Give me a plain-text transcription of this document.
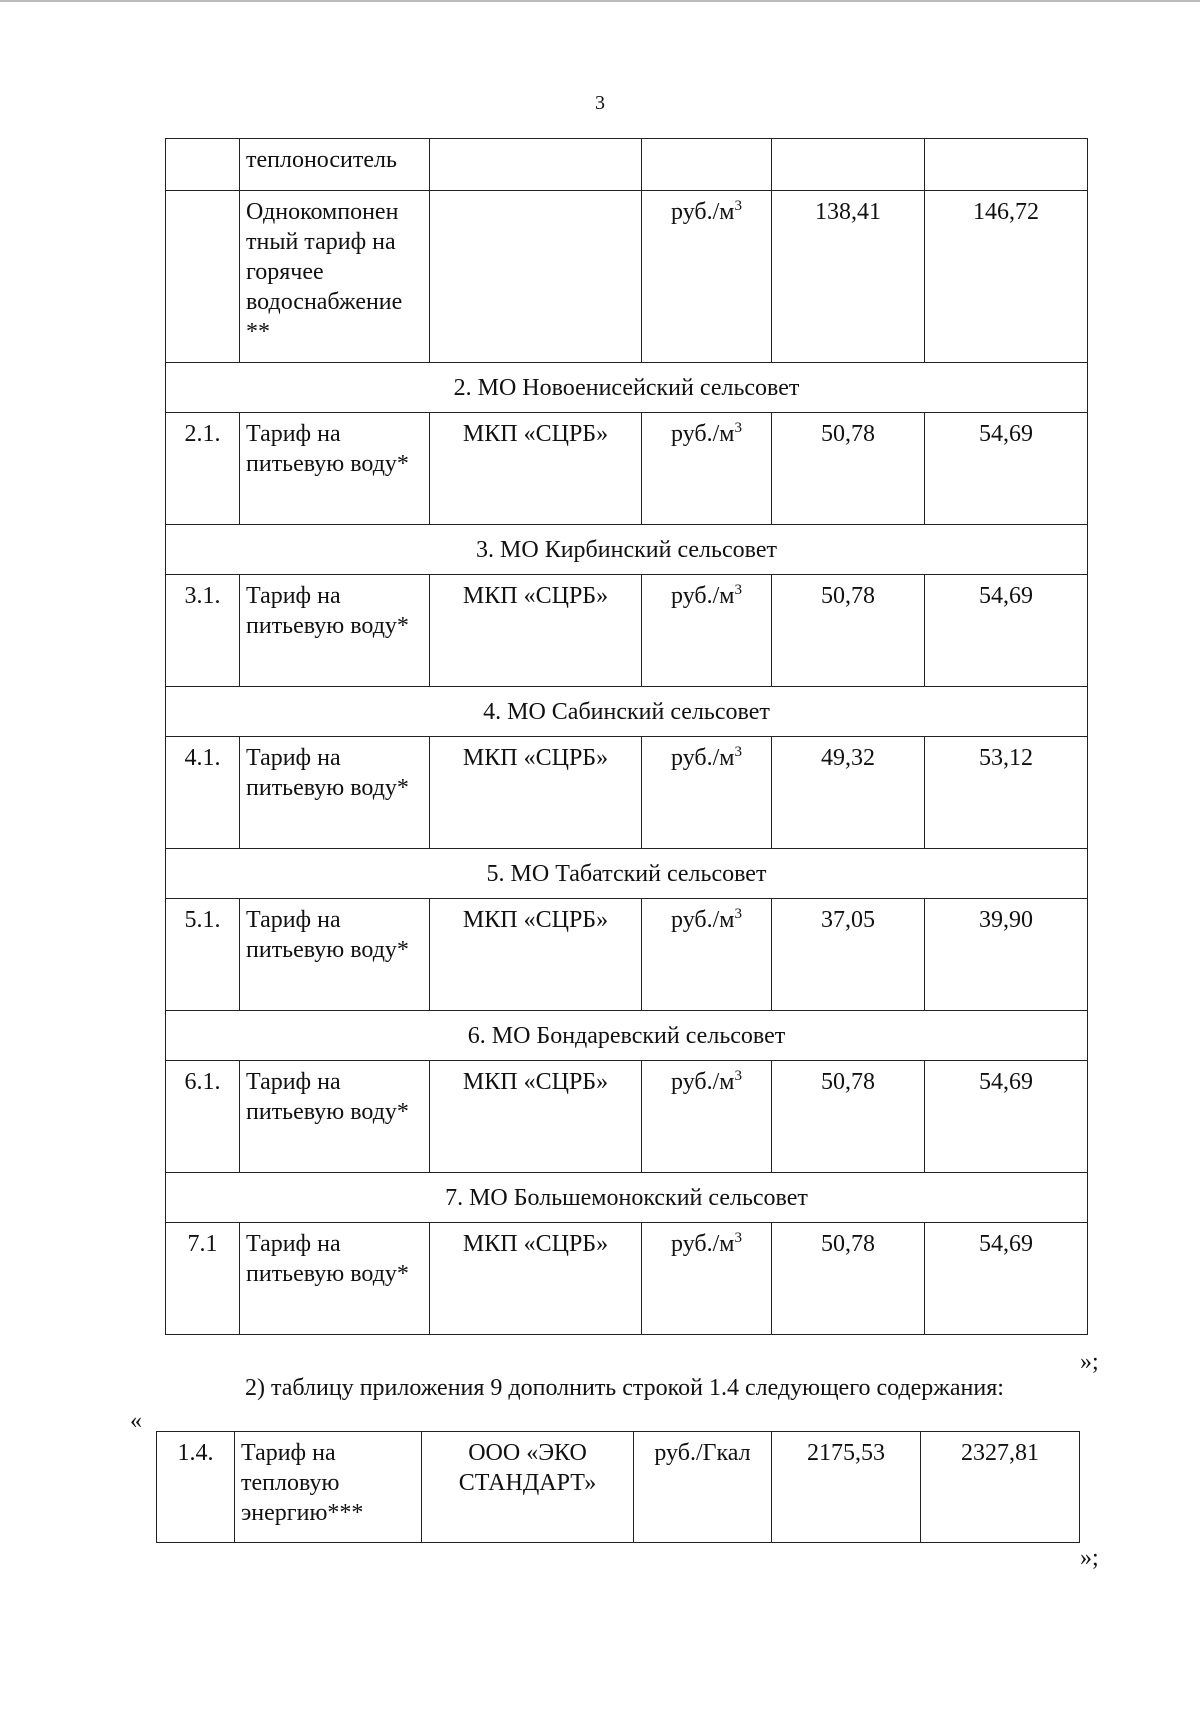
3
	теплоноситель				
	Однокомпонен тный тариф на горячее водоснабжение **		$руб./м^3$	138,41	146,72
2. МО Новоенисейский сельсовет					
2.1.	Тариф на питьевую воду*	МКП «СЦРБ»	$руб./м^3$	50,78	54,69
3. МО Кирбинский сельсовет					
3.1.	Тариф на питьевую воду*	МКП «СЦРБ»	$руб./м^3$	50,78	54,69
4. МО Сабинский сельсовет					
4.1.	Тариф на питьевую воду*	МКП «СЦРБ»	$руб./м^3$	49,32	53,12
5. МО Табатский сельсовет					
5.1.	Тариф на питьевую воду*	МКП «СЦРБ»	$руб./м^3$	37,05	39,90
6. МО Бондаревский сельсовет					
6.1.	Тариф на питьевую воду*	МКП «СЦРБ»	$руб./м^3$	50,78	54,69
7. МО Большемонокский сельсовет					
7.1	Тариф на питьевую воду*	МКП «СЦРБ»	$руб./м^3$	50,78	54,69
»;
2) таблицу приложения 9 дополнить строкой 1.4 следующего содержания:
«
1.4.	Тариф на тепловую энергию***	ООО «ЭКО СТАНДАРТ»	руб./Гкал	2175,53	2327,81
»;
